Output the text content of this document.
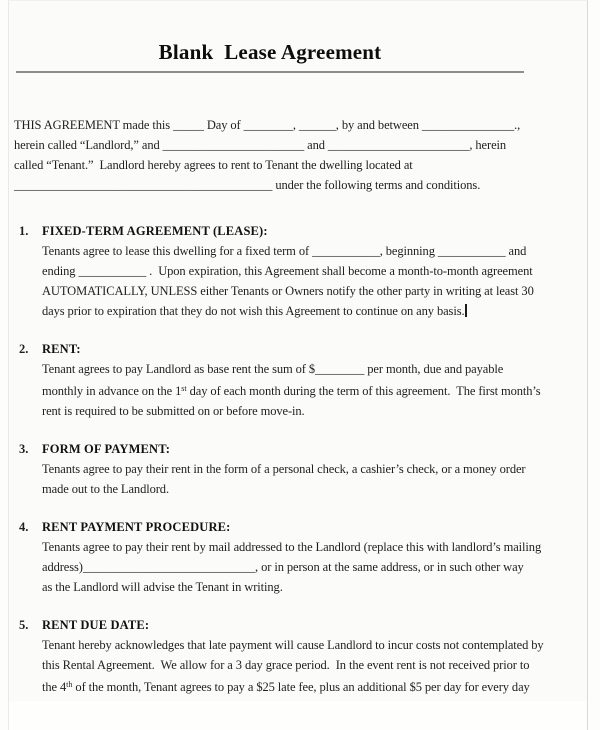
Blank  Lease Agreement
THIS AGREEMENT made this _____ Day of ________, ______, by and between _______________.,
herein called “Landlord,” and _______________________ and _______________________, herein
called “Tenant.”  Landlord hereby agrees to rent to Tenant the dwelling located at
__________________________________________ under the following terms and conditions.
1. FIXED-TERM AGREEMENT (LEASE):
Tenants agree to lease this dwelling for a fixed term of ___________, beginning ___________ and
ending ___________ .  Upon expiration, this Agreement shall become a month-to-month agreement
AUTOMATICALLY, UNLESS either Tenants or Owners notify the other party in writing at least 30
days prior to expiration that they do not wish this Agreement to continue on any basis.
2. RENT:
Tenant agrees to pay Landlord as base rent the sum of $________ per month, due and payable
monthly in advance on the 1st day of each month during the term of this agreement.  The first month’s
rent is required to be submitted on or before move-in.
3. FORM OF PAYMENT:
Tenants agree to pay their rent in the form of a personal check, a cashier’s check, or a money order
made out to the Landlord.
4. RENT PAYMENT PROCEDURE:
Tenants agree to pay their rent by mail addressed to the Landlord (replace this with landlord’s mailing
address)____________________________, or in person at the same address, or in such other way
as the Landlord will advise the Tenant in writing.
5. RENT DUE DATE:
Tenant hereby acknowledges that late payment will cause Landlord to incur costs not contemplated by
this Rental Agreement.  We allow for a 3 day grace period.  In the event rent is not received prior to
the 4th of the month, Tenant agrees to pay a $25 late fee, plus an additional $5 per day for every day
